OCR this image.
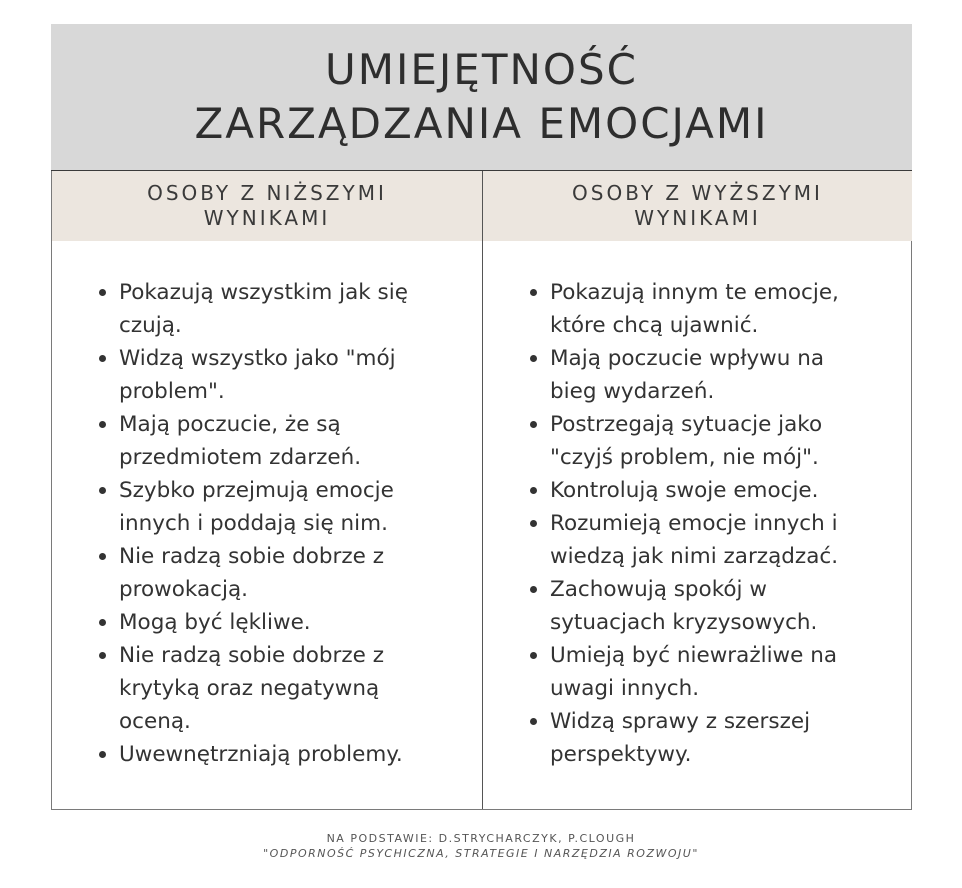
UMIEJĘTNOŚĆ
ZARZĄDZANIA EMOCJAMI
OSOBY Z NIŻSZYMI
WYNIKAMI
Pokazują wszystkim jak się
czują.
Widzą wszystko jako "mój
problem".
Mają poczucie, że są
przedmiotem zdarzeń.
Szybko przejmują emocje
innych i poddają się nim.
Nie radzą sobie dobrze z
prowokacją.
Mogą być lękliwe.
Nie radzą sobie dobrze z
krytyką oraz negatywną
oceną.
Uwewnętrzniają problemy.
OSOBY Z WYŻSZYMI
WYNIKAMI
Pokazują innym te emocje,
które chcą ujawnić.
Mają poczucie wpływu na
bieg wydarzeń.
Postrzegają sytuacje jako
"czyjś problem, nie mój".
Kontrolują swoje emocje.
Rozumieją emocje innych i
wiedzą jak nimi zarządzać.
Zachowują spokój w
sytuacjach kryzysowych.
Umieją być niewrażliwe na
uwagi innych.
Widzą sprawy z szerszej
perspektywy.
NA PODSTAWIE: D.STRYCHARCZYK, P.CLOUGH
"ODPORNOŚĆ PSYCHICZNA, STRATEGIE I NARZĘDZIA ROZWOJU"
